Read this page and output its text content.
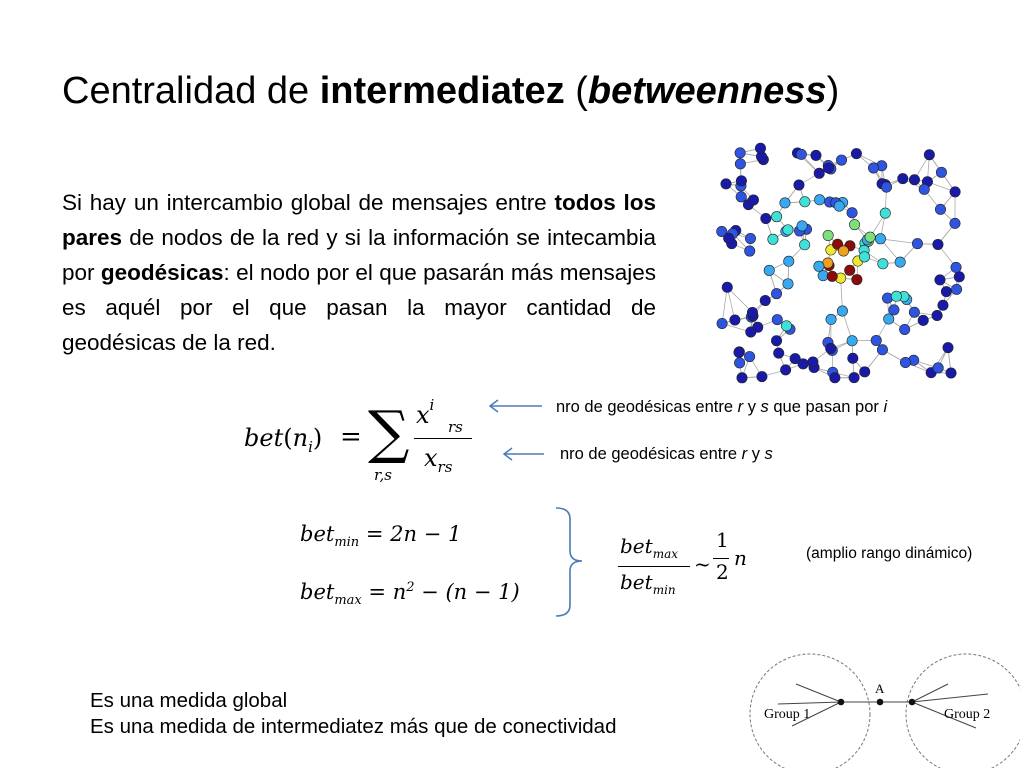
Centralidad de intermediatez (betweenness)
Si hay un intercambio global de mensajes entre todos los pares de nodos de la red y si la información se intecambia por geodésicas: el nodo por el que pasarán más mensajes es aquél por el que pasan la mayor cantidad de geodésicas de la red.
$bet(n_i)$ = ∑
r,s
$x^i$
rs
$x_{rs}$
nro de geodésicas entre r y s que pasan por i
nro de geodésicas entre r y s
bet$_{min}$ = 2n − 1
$bet_{max} = n^2 - (n - 1)$
bet$_{max}$
bet$_{min}$
~
1
2
n	(amplio rango dinámico)
Es una medida global
Es una medida de intermediatez más que de conectividad
A
Group 1	Group 2
